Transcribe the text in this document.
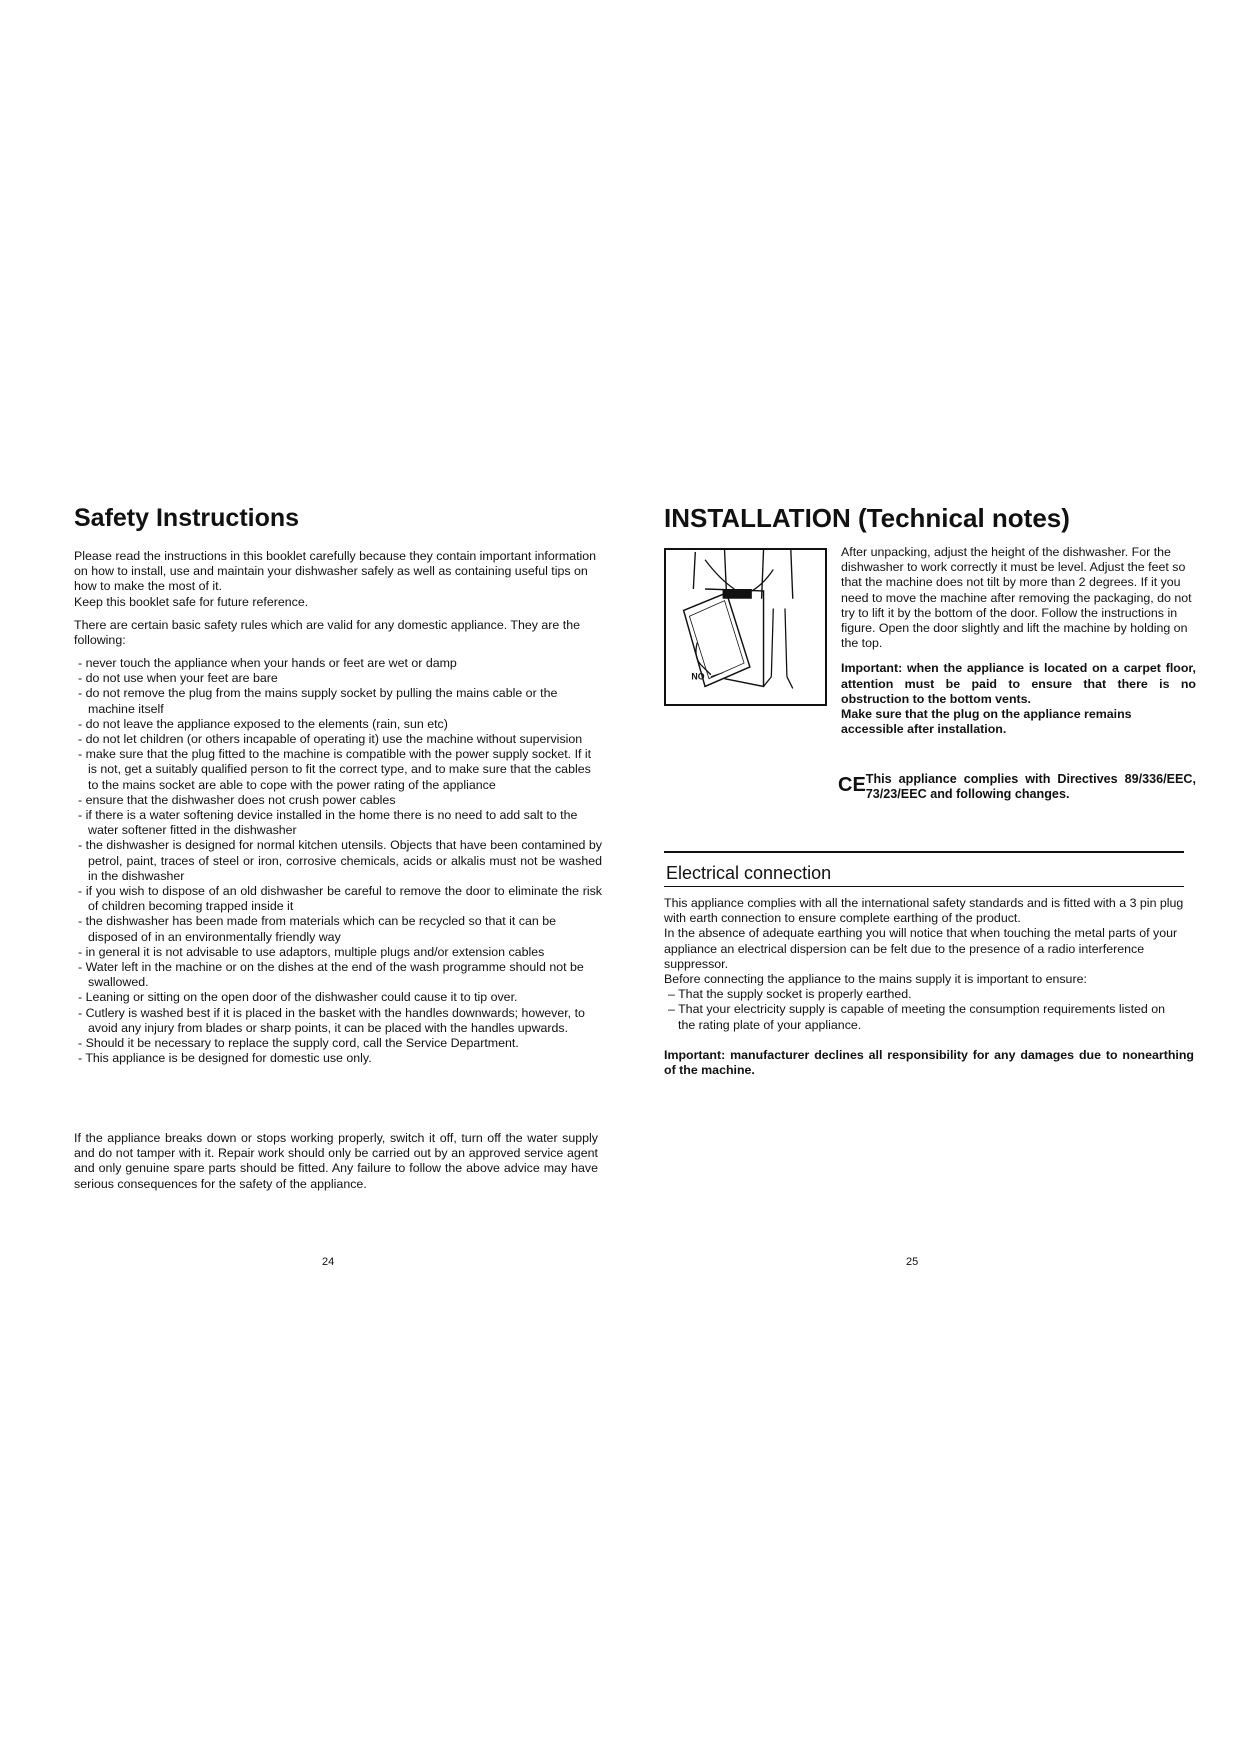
Safety Instructions

Please read the instructions in this booklet carefully because they contain important information on how to install, use and maintain your dishwasher safely as well as containing useful tips on how to make the most of it.

Keep this booklet safe for future reference.

There are certain basic safety rules which are valid for any domestic appliance. They are the following:

- never touch the appliance when your hands or feet are wet or damp
- do not use when your feet are bare
- do not remove the plug from the mains supply socket by pulling the mains cable or the machine itself
- do not leave the appliance exposed to the elements (rain, sun etc)
- do not let children (or others incapable of operating it) use the machine without supervision
- make sure that the plug fitted to the machine is compatible with the power supply socket. If it is not, get a suitably qualified person to fit the correct type, and to make sure that the cables to the mains socket are able to cope with the power rating of the appliance
- ensure that the dishwasher does not crush power cables
- if there is a water softening device installed in the home there is no need to add salt to the water softener fitted in the dishwasher
- the dishwasher is designed for normal kitchen utensils. Objects that have been contamined by petrol, paint, traces of steel or iron, corrosive chemicals, acids or alkalis must not be washed in the dishwasher
- if you wish to dispose of an old dishwasher be careful to remove the door to eliminate the risk of children becoming trapped inside it
- the dishwasher has been made from materials which can be recycled so that it can be disposed of in an environmentally friendly way
- in general it is not advisable to use adaptors, multiple plugs and/or extension cables
- Water left in the machine or on the dishes at the end of the wash programme should not be swallowed.
- Leaning or sitting on the open door of the dishwasher could cause it to tip over.
- Cutlery is washed best if it is placed in the basket with the handles downwards; however, to avoid any injury from blades or sharp points, it can be placed with the handles upwards.
- Should it be necessary to replace the supply cord, call the Service Department.
- This appliance is be designed for domestic use only.

If the appliance breaks down or stops working properly, switch it off, turn off the water supply and do not tamper with it. Repair work should only be carried out by an approved service agent and only genuine spare parts should be fitted. Any failure to follow the above advice may have serious consequences for the safety of the appliance.

24
INSTALLATION (Technical notes)
NO

After unpacking, adjust the height of the dishwasher. For the dishwasher to work correctly it must be level. Adjust the feet so that the machine does not tilt by more than 2 degrees. If it you need to move the machine after removing the packaging, do not try to lift it by the bottom of the door. Follow the instructions in figure. Open the door slightly and lift the machine by holding on the top.

Important: when the appliance is located on a carpet floor, attention must be paid to ensure that there is no obstruction to the bottom vents.

Make sure that the plug on the appliance remains accessible after installation.

CE This appliance complies with Directives 89/336/EEC, 73/23/EEC and following changes.
Electrical connection

This appliance complies with all the international safety standards and is fitted with a 3 pin plug with earth connection to ensure complete earthing of the product.

In the absence of adequate earthing you will notice that when touching the metal parts of your appliance an electrical dispersion can be felt due to the presence of a radio interference suppressor.

Before connecting the appliance to the mains supply it is important to ensure:

– That the supply socket is properly earthed.
– That your electricity supply is capable of meeting the consumption requirements listed on the rating plate of your appliance.

Important: manufacturer declines all responsibility for any damages due to nonearthing of the machine.

25
